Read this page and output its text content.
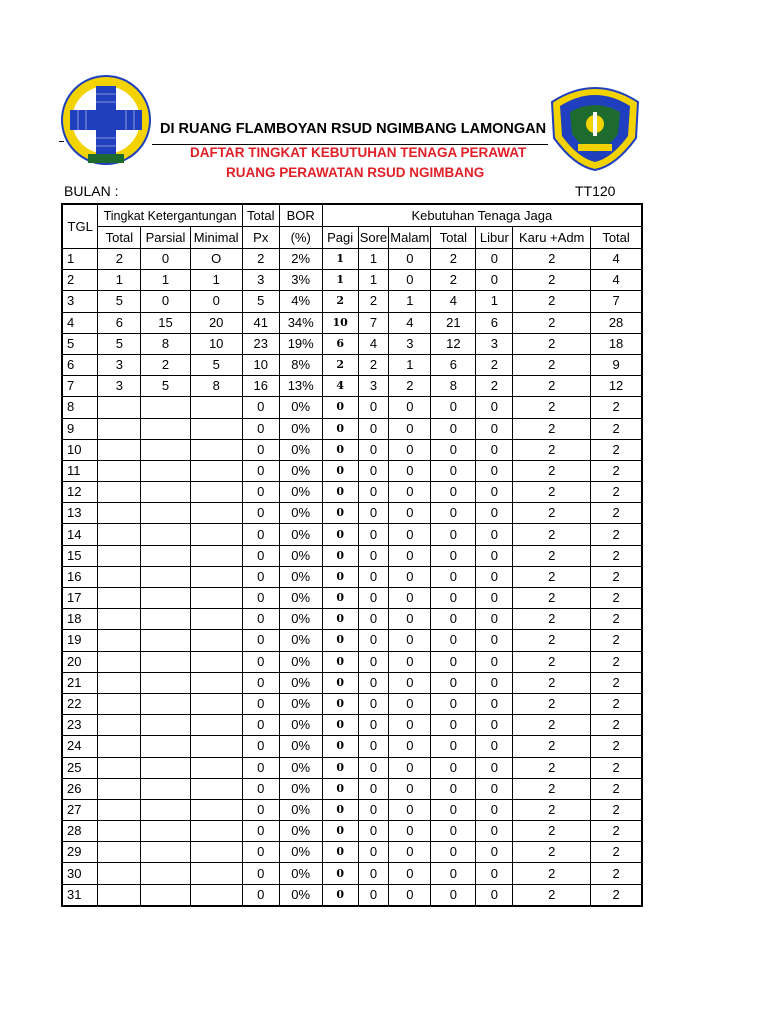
DI RUANG FLAMBOYAN RSUD NGIMBANG LAMONGAN
DAFTAR TINGKAT KEBUTUHAN TENAGA PERAWAT
RUANG PERAWATAN RSUD NGIMBANG
BULAN :	TT120
TGL	Tingkat Ketergantungan			Total	BOR	Kebutuhan Tenaga Jaga						
	Total	Parsial	Minimal	Px	(%)	Pagi	Sore	Malam	Total	Libur	Karu +Adm	Total
1	2	0	O	2	2%	1	1	0	2	0	2	4
2	1	1	1	3	3%	1	1	0	2	0	2	4
3	5	0	0	5	4%	2	2	1	4	1	2	7
4	6	15	20	41	34%	10	7	4	21	6	2	28
5	5	8	10	23	19%	6	4	3	12	3	2	18
6	3	2	5	10	8%	2	2	1	6	2	2	9
7	3	5	8	16	13%	4	3	2	8	2	2	12
8				0	0%	0	0	0	0	0	2	2
9				0	0%	0	0	0	0	0	2	2
10				0	0%	0	0	0	0	0	2	2
11				0	0%	0	0	0	0	0	2	2
12				0	0%	0	0	0	0	0	2	2
13				0	0%	0	0	0	0	0	2	2
14				0	0%	0	0	0	0	0	2	2
15				0	0%	0	0	0	0	0	2	2
16				0	0%	0	0	0	0	0	2	2
17				0	0%	0	0	0	0	0	2	2
18				0	0%	0	0	0	0	0	2	2
19				0	0%	0	0	0	0	0	2	2
20				0	0%	0	0	0	0	0	2	2
21				0	0%	0	0	0	0	0	2	2
22				0	0%	0	0	0	0	0	2	2
23				0	0%	0	0	0	0	0	2	2
24				0	0%	0	0	0	0	0	2	2
25				0	0%	0	0	0	0	0	2	2
26				0	0%	0	0	0	0	0	2	2
27				0	0%	0	0	0	0	0	2	2
28				0	0%	0	0	0	0	0	2	2
29				0	0%	0	0	0	0	0	2	2
30				0	0%	0	0	0	0	0	2	2
31				0	0%	0	0	0	0	0	2	2
